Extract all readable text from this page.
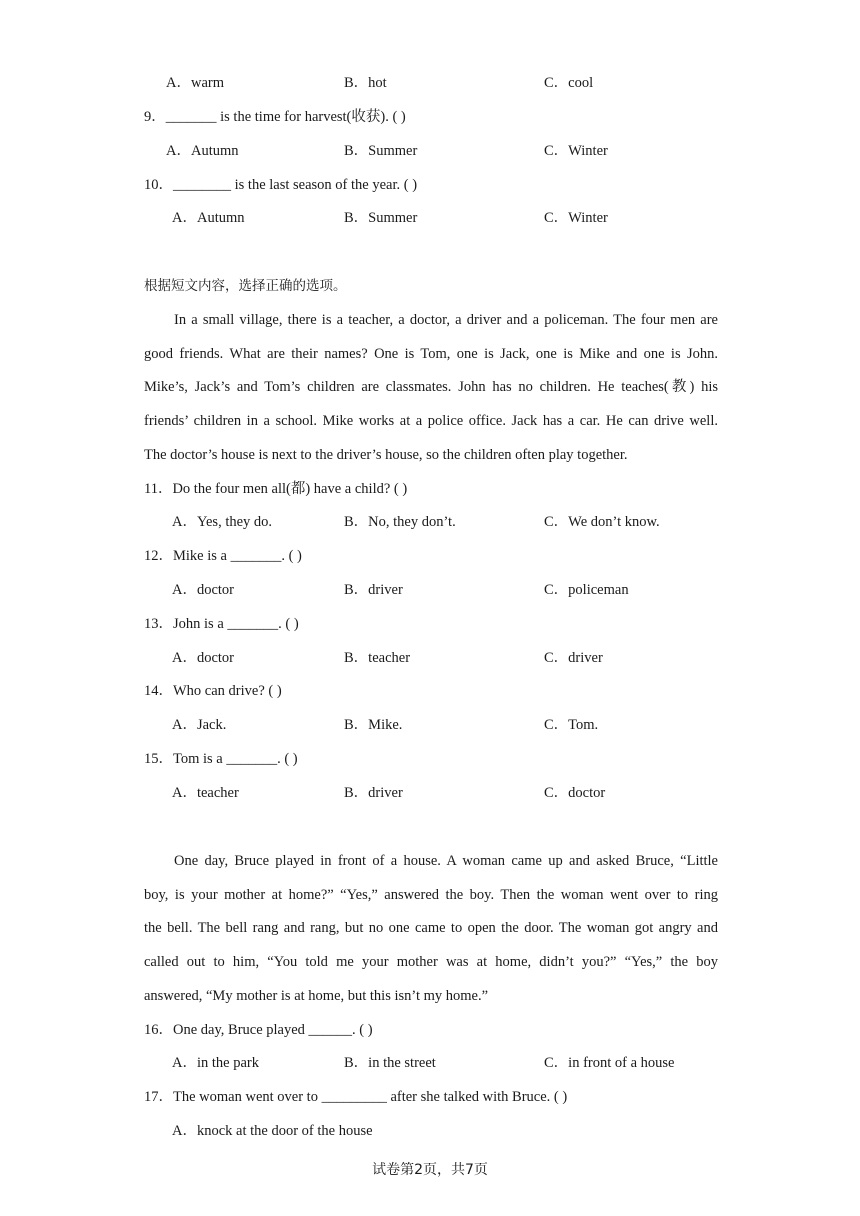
A．warm	B．hot	C．cool
9．_______ is the time for harvest(收获). ( )
A．Autumn	B．Summer	C．Winter
10．________ is the last season of the year. ( )
A．Autumn	B．Summer	C．Winter
根据短文内容，选择正确的选项。
In a small village, there is a teacher, a doctor, a driver and a policeman. The four men are
good friends. What are their names? One is Tom, one is Jack, one is Mike and one is John.
Mike’s, Jack’s and Tom’s children are classmates. John has no children. He teaches(教) his
friends’ children in a school. Mike works at a police office. Jack has a car. He can drive well.
The doctor’s house is next to the driver’s house, so the children often play together.
11．Do the four men all(都) have a child? ( )
A．Yes, they do.	B．No, they don’t.	C．We don’t know.
12．Mike is a _______. ( )
A．doctor	B．driver	C．policeman
13．John is a _______. ( )
A．doctor	B．teacher	C．driver
14．Who can drive? ( )
A．Jack.	B．Mike.	C．Tom.
15．Tom is a _______. ( )
A．teacher	B．driver	C．doctor
One day, Bruce played in front of a house. A woman came up and asked Bruce, “Little
boy, is your mother at home?” “Yes,” answered the boy. Then the woman went over to ring
the bell. The bell rang and rang, but no one came to open the door. The woman got angry and
called out to him, “You told me your mother was at home, didn’t you?” “Yes,” the boy
answered, “My mother is at home, but this isn’t my home.”
16．One day, Bruce played ______. ( )
A．in the park	B．in the street	C．in front of a house
17．The woman went over to _________ after she talked with Bruce. ( )
A．knock at the door of the house
试卷第2页，共7页
